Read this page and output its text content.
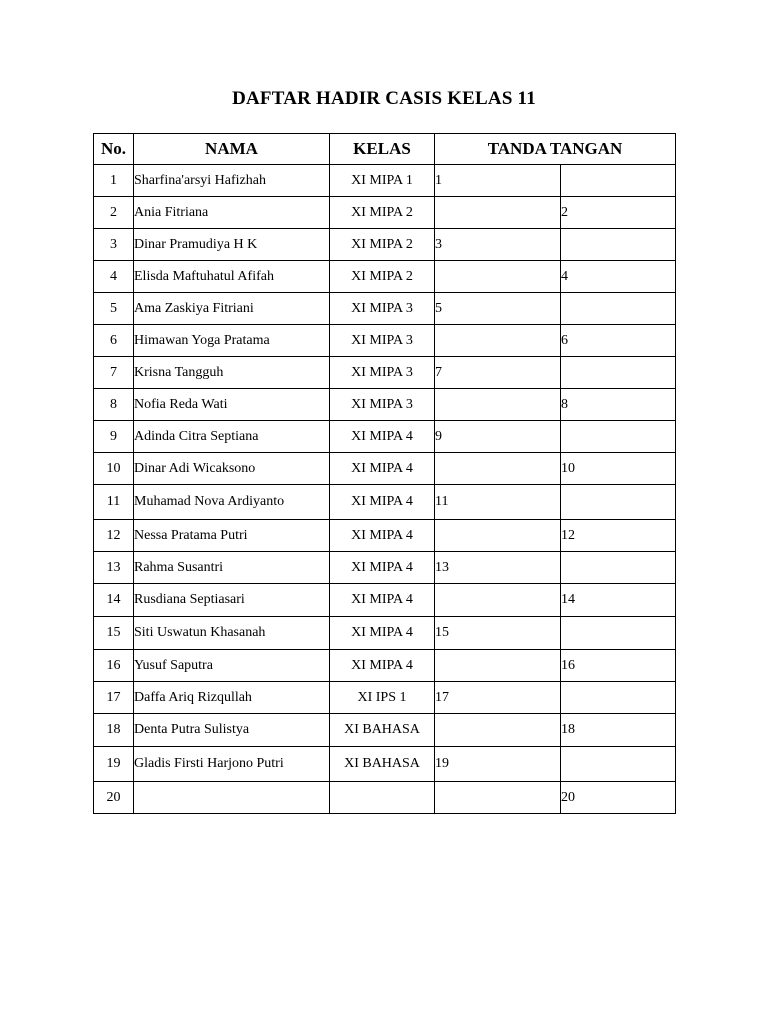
DAFTAR HADIR CASIS KELAS 11
No.	NAMA	KELAS	TANDA TANGAN	
1	Sharfina'arsyi Hafizhah	XI MIPA 1	1	
2	Ania Fitriana	XI MIPA 2		2
3	Dinar Pramudiya H K	XI MIPA 2	3	
4	Elisda Maftuhatul Afifah	XI MIPA 2		4
5	Ama Zaskiya Fitriani	XI MIPA 3	5	
6	Himawan Yoga Pratama	XI MIPA 3		6
7	Krisna Tangguh	XI MIPA 3	7	
8	Nofia Reda Wati	XI MIPA 3		8
9	Adinda Citra Septiana	XI MIPA 4	9	
10	Dinar Adi Wicaksono	XI MIPA 4		10
11	Muhamad Nova Ardiyanto	XI MIPA 4	11	
12	Nessa Pratama Putri	XI MIPA 4		12
13	Rahma Susantri	XI MIPA 4	13	
14	Rusdiana Septiasari	XI MIPA 4		14
15	Siti Uswatun Khasanah	XI MIPA 4	15	
16	Yusuf Saputra	XI MIPA 4		16
17	Daffa Ariq Rizqullah	XI IPS 1	17	
18	Denta Putra Sulistya	XI BAHASA		18
19	Gladis Firsti Harjono Putri	XI BAHASA	19	
20				20
